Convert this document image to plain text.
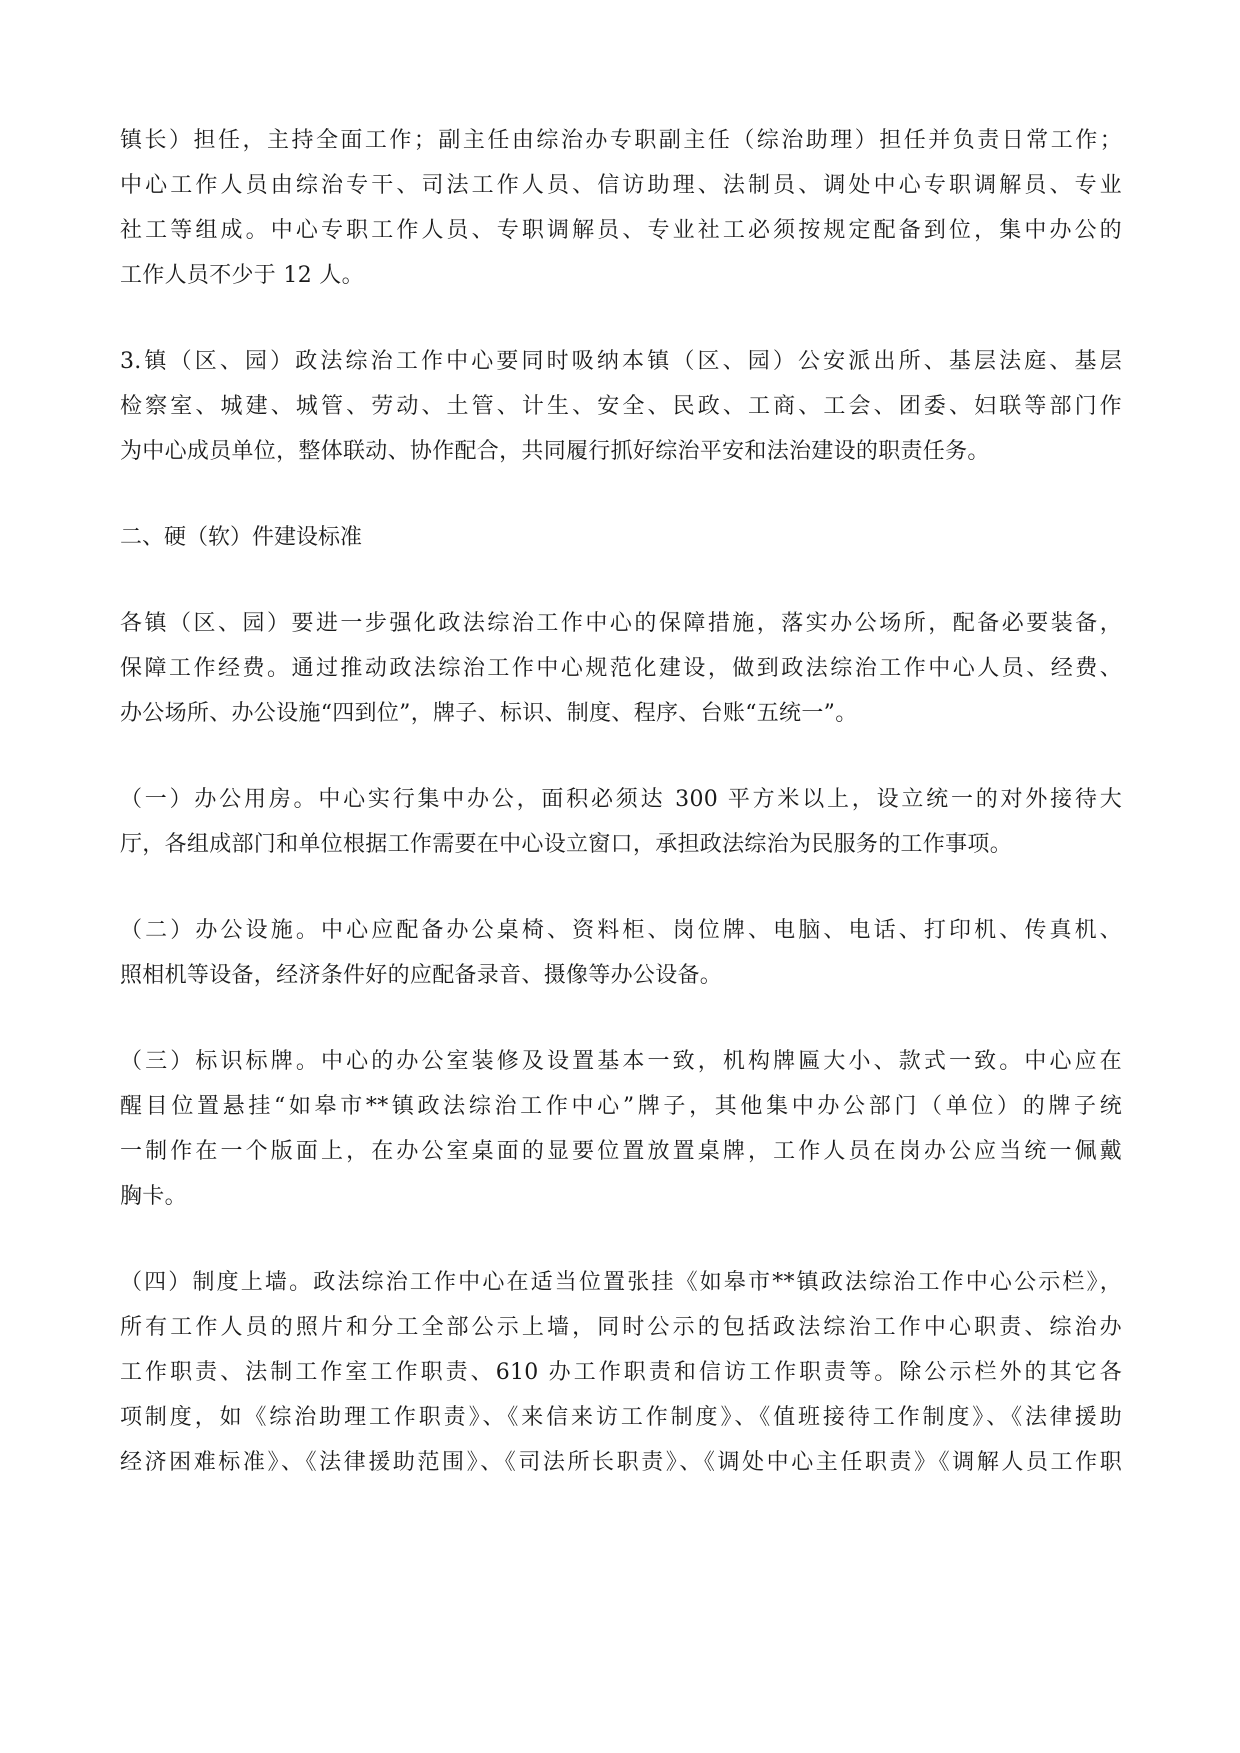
镇长）担任，主持全面工作；副主任由综治办专职副主任（综治助理）担任并负责日常工作；
中心工作人员由综治专干、司法工作人员、信访助理、法制员、调处中心专职调解员、专业
社工等组成。中心专职工作人员、专职调解员、专业社工必须按规定配备到位，集中办公的
工作人员不少于 12 人。

3.镇（区、园）政法综治工作中心要同时吸纳本镇（区、园）公安派出所、基层法庭、基层
检察室、城建、城管、劳动、土管、计生、安全、民政、工商、工会、团委、妇联等部门作
为中心成员单位，整体联动、协作配合，共同履行抓好综治平安和法治建设的职责任务。

二、硬（软）件建设标准

各镇（区、园）要进一步强化政法综治工作中心的保障措施，落实办公场所，配备必要装备，
保障工作经费。通过推动政法综治工作中心规范化建设，做到政法综治工作中心人员、经费、
办公场所、办公设施“四到位”，牌子、标识、制度、程序、台账“五统一”。

（一）办公用房。中心实行集中办公，面积必须达 300 平方米以上，设立统一的对外接待大
厅，各组成部门和单位根据工作需要在中心设立窗口，承担政法综治为民服务的工作事项。

（二）办公设施。中心应配备办公桌椅、资料柜、岗位牌、电脑、电话、打印机、传真机、
照相机等设备，经济条件好的应配备录音、摄像等办公设备。

（三）标识标牌。中心的办公室装修及设置基本一致，机构牌匾大小、款式一致。中心应在
醒目位置悬挂“如皋市**镇政法综治工作中心”牌子，其他集中办公部门（单位）的牌子统
一制作在一个版面上，在办公室桌面的显要位置放置桌牌，工作人员在岗办公应当统一佩戴
胸卡。

（四）制度上墙。政法综治工作中心在适当位置张挂《如皋市**镇政法综治工作中心公示栏》，
所有工作人员的照片和分工全部公示上墙，同时公示的包括政法综治工作中心职责、综治办
工作职责、法制工作室工作职责、610 办工作职责和信访工作职责等。除公示栏外的其它各
项制度，如《综治助理工作职责》、《来信来访工作制度》、《值班接待工作制度》、《法律援助
经济困难标准》、《法律援助范围》、《司法所长职责》、《调处中心主任职责》《调解人员工作职
